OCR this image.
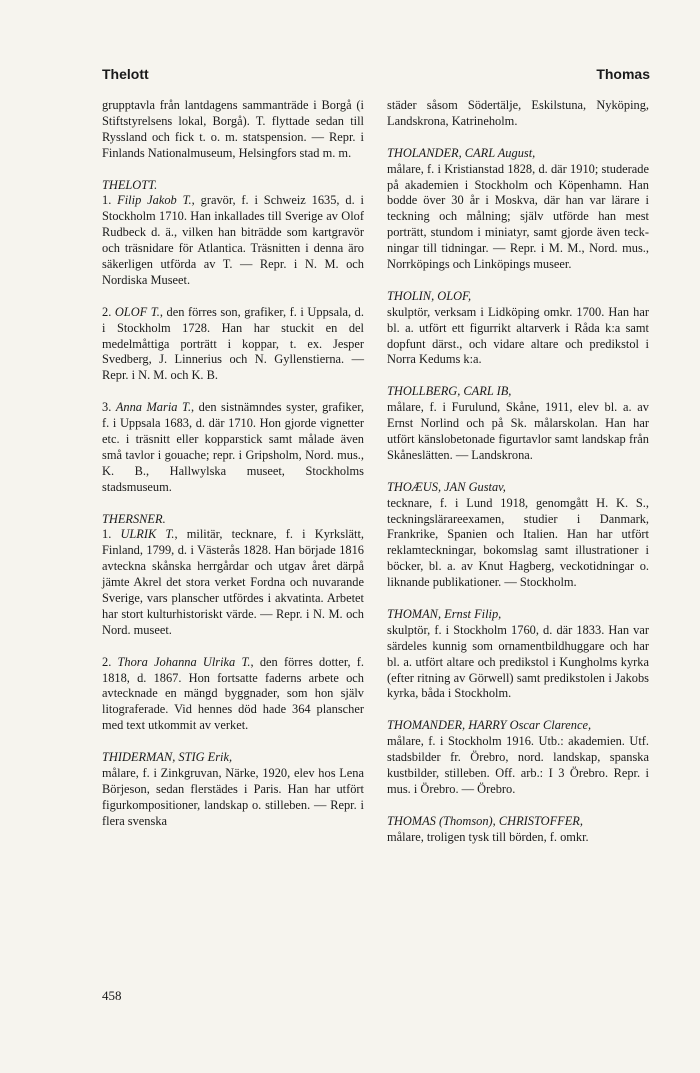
Thelott	Thomas

grupptavla från lantdagens sammanträde i Borgå (i Stiftstyrelsens lokal, Borgå). T. flyttade sedan till Ryssland och fick t. o. m. statspension. — Repr. i Finlands Nationalmuseum, Helsingfors stad m. m.

THELOTT.

1. Filip Jakob T., gravör, f. i Schweiz 1635, d. i Stockholm 1710. Han inkallades till Sverige av Olof Rudbeck d. ä., vilken han biträdde som kartgravör och träsnidare för Atlantica. Träsnitten i denna äro säkerligen utförda av T. — Repr. i N. M. och Nordiska Museet.

2. OLOF T., den förres son, grafiker, f. i Uppsala, d. i Stockholm 1728. Han har stuckit en del medelmåttiga porträtt i koppar, t. ex. Jesper Svedberg, J. Linnerius och N. Gyllenstierna. — Repr. i N. M. och K. B.

3. Anna Maria T., den sistnämndes syster, grafiker, f. i Uppsala 1683, d. där 1710. Hon gjorde vignetter etc. i träsnitt eller kopparstick samt målade även små tavlor i gouache; repr. i Gripsholm, Nord. mus., K. B., Hallwylska museet, Stockholms stadsmuseum.

THERSNER.

1. ULRIK T., militär, tecknare, f. i Kyrkslätt, Finland, 1799, d. i Västerås 1828. Han började 1816 avteckna skånska herrgårdar och utgav året därpå jämte Akrel det stora verket Fordna och nuvarande Sverige, vars planscher utfördes i akvatinta. Arbetet har stort kulturhistoriskt värde. — Repr. i N. M. och Nord. museet.

2. Thora Johanna Ulrika T., den förres dotter, f. 1818, d. 1867. Hon fortsatte faderns arbete och avtecknade en mängd byggnader, som hon själv litograferade. Vid hennes död hade 364 planscher med text utkommit av verket.

THIDERMAN, STIG Erik,

målare, f. i Zinkgruvan, Närke, 1920, elev hos Lena Börjeson, sedan flerstädes i Paris. Han har utfört figurkompositioner, landskap o. stilleben. — Repr. i flera svenska

städer såsom Södertälje, Eskilstuna, Nyköping, Landskrona, Katrineholm.

THOLANDER, CARL August,

målare, f. i Kristianstad 1828, d. där 1910; studerade på akademien i Stockholm och Köpenhamn. Han bodde över 30 år i Moskva, där han var lärare i teckning och målning; själv utförde han mest porträtt, stundom i miniatyr, samt gjorde även teckningar till tidningar. — Repr. i M. M., Nord. mus., Norrköpings och Linköpings museer.

THOLIN, OLOF,

skulptör, verksam i Lidköping omkr. 1700. Han har bl. a. utfört ett figurrikt altarverk i Råda k:a samt dopfunt därst., och vidare altare och predikstol i Norra Kedums k:a.

THOLLBERG, CARL IB,

målare, f. i Furulund, Skåne, 1911, elev bl. a. av Ernst Norlind och på Sk. målarskolan. Han har utfört känslobetonade figurtavlor samt landskap från Skåneslätten. — Landskrona.

THOÆUS, JAN Gustav,

tecknare, f. i Lund 1918, genomgått H. K. S., teckningslärareexamen, studier i Danmark, Frankrike, Spanien och Italien. Han har utfört reklamteckningar, bokomslag samt illustrationer i böcker, bl. a. av Knut Hagberg, veckotidningar o. liknande publikationer. — Stockholm.

THOMAN, Ernst Filip,

skulptör, f. i Stockholm 1760, d. där 1833. Han var särdeles kunnig som ornamentbildhuggare och har bl. a. utfört altare och predikstol i Kungholms kyrka (efter ritning av Görwell) samt predikstolen i Jakobs kyrka, båda i Stockholm.

THOMANDER, HARRY Oscar Clarence,

målare, f. i Stockholm 1916. Utb.: akademien. Utf. stadsbilder fr. Örebro, nord. landskap, spanska kustbilder, stilleben. Off. arb.: I 3 Örebro. Repr. i mus. i Örebro. — Örebro.

THOMAS (Thomson), CHRISTOFFER,

målare, troligen tysk till börden, f. omkr.

458
